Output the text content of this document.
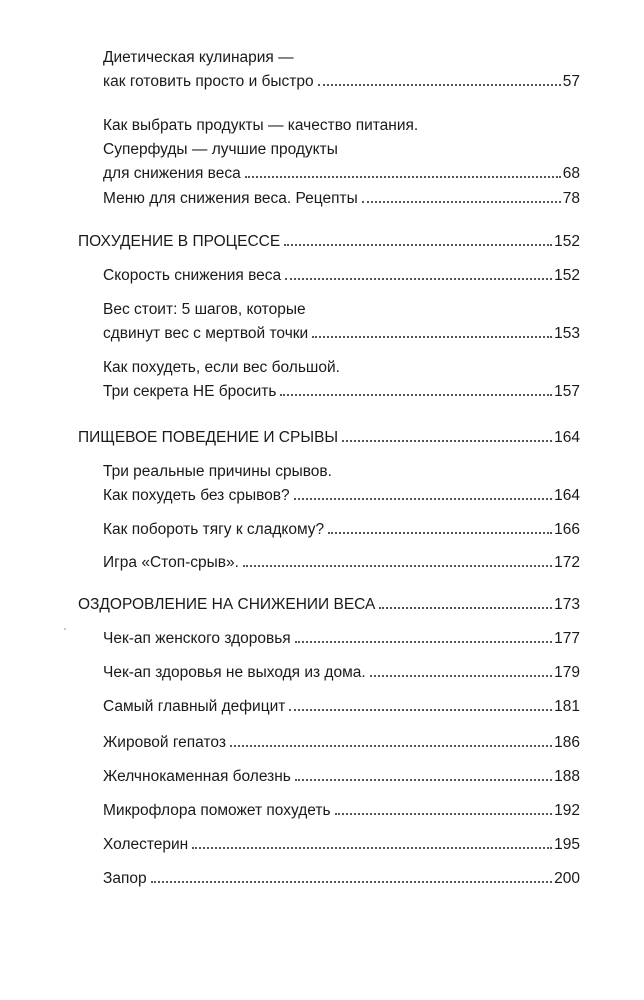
Диетическая кулинария —
как готовить просто и быстро	57
Как выбрать продукты — качество питания.
Суперфуды — лучшие продукты
для снижения веса	68
Меню для снижения веса. Рецепты	78
ПОХУДЕНИЕ В ПРОЦЕССЕ	152
Скорость снижения веса	152
Вес стоит: 5 шагов, которые
сдвинут вес с мертвой точки	153
Как похудеть, если вес большой.
Три секрета НЕ бросить	157
ПИЩЕВОЕ ПОВЕДЕНИЕ И СРЫВЫ	164
Три реальные причины срывов.
Как похудеть без срывов?	164
Как побороть тягу к сладкому?	166
Игра «Стоп-срыв».	172
ОЗДОРОВЛЕНИЕ НА СНИЖЕНИИ ВЕСА	173
Чек-ап женского здоровья	177
Чек-ап здоровья не выходя из дома.	179
Самый главный дефицит	181
Жировой гепатоз	186
Желчнокаменная болезнь	188
Микрофлора поможет похудеть	192
Холестерин	195
Запор	200
